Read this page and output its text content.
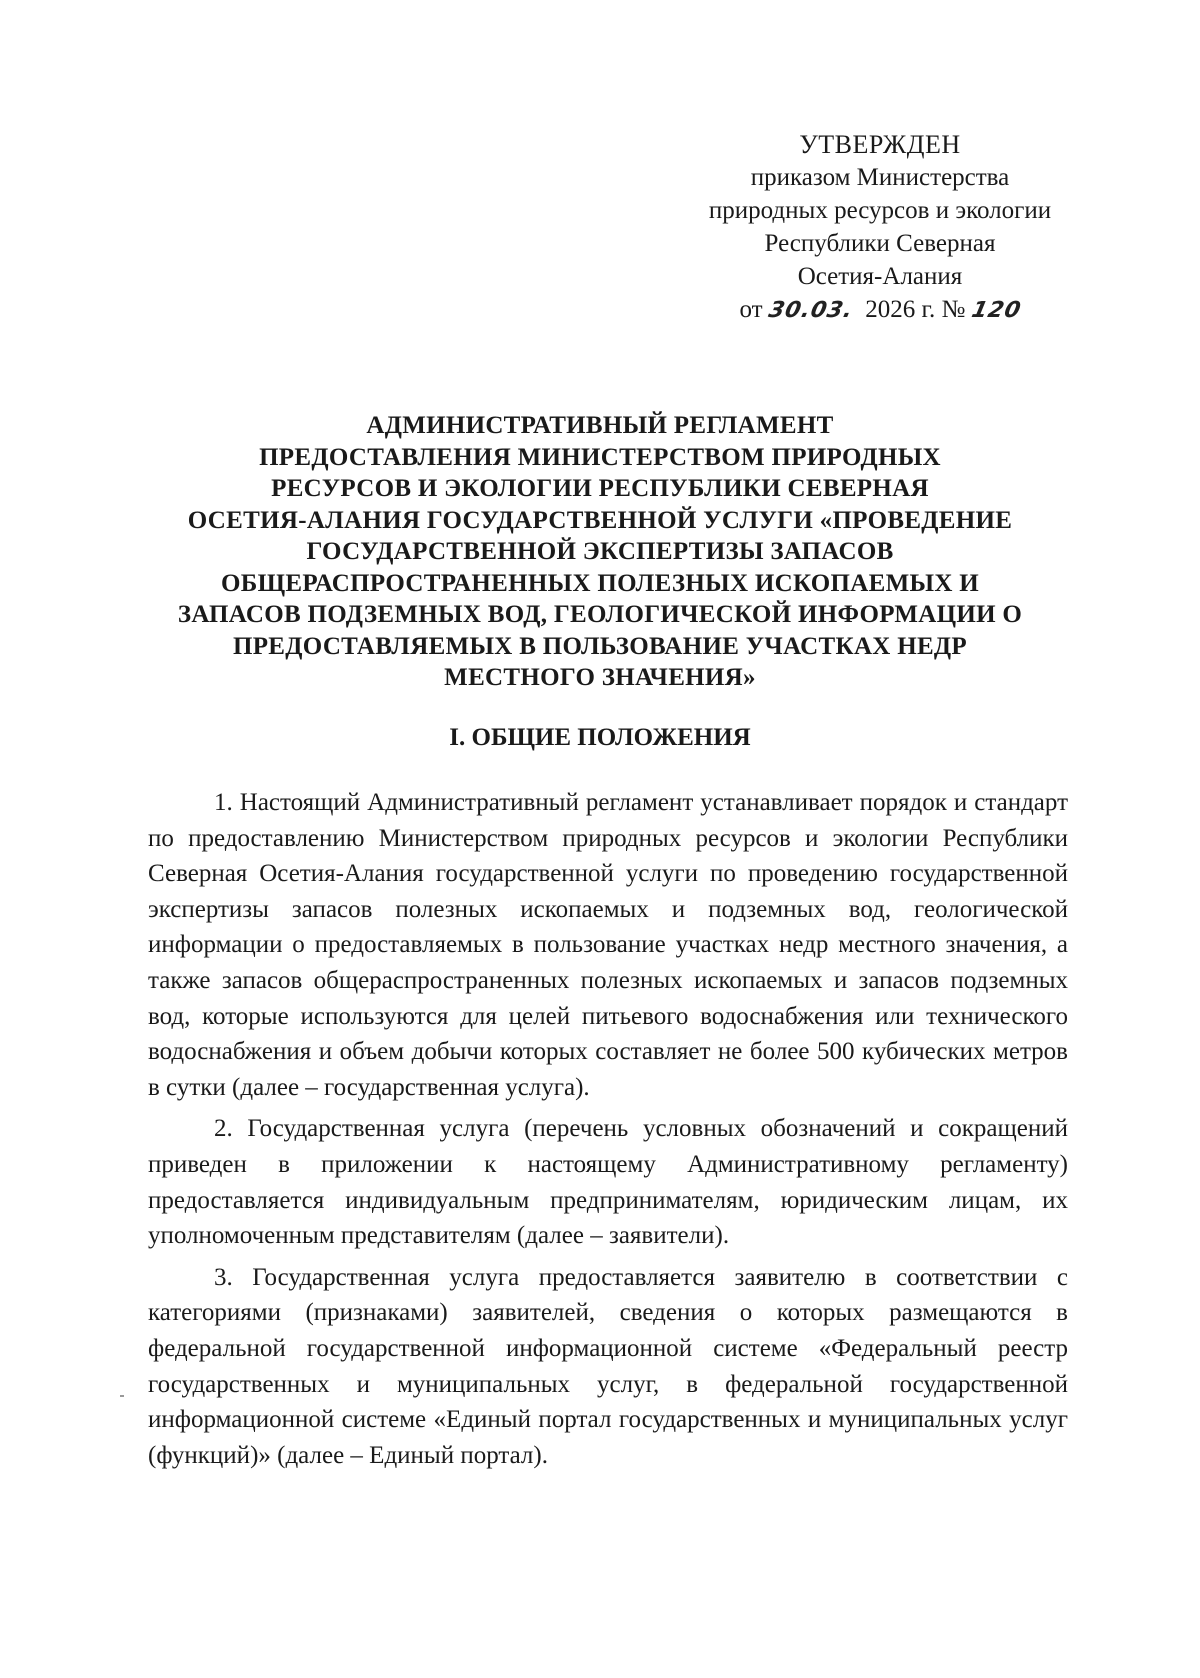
УТВЕРЖДЕН
приказом Министерства
природных ресурсов и экологии
Республики Северная
Осетия-Алания
от 30.03. 2026 г. № 120
АДМИНИСТРАТИВНЫЙ РЕГЛАМЕНТ
ПРЕДОСТАВЛЕНИЯ МИНИСТЕРСТВОМ ПРИРОДНЫХ
РЕСУРСОВ И ЭКОЛОГИИ РЕСПУБЛИКИ СЕВЕРНАЯ
ОСЕТИЯ-АЛАНИЯ ГОСУДАРСТВЕННОЙ УСЛУГИ «ПРОВЕДЕНИЕ
ГОСУДАРСТВЕННОЙ ЭКСПЕРТИЗЫ ЗАПАСОВ
ОБЩЕРАСПРОСТРАНЕННЫХ ПОЛЕЗНЫХ ИСКОПАЕМЫХ И
ЗАПАСОВ ПОДЗЕМНЫХ ВОД, ГЕОЛОГИЧЕСКОЙ ИНФОРМАЦИИ О
ПРЕДОСТАВЛЯЕМЫХ В ПОЛЬЗОВАНИЕ УЧАСТКАХ НЕДР
МЕСТНОГО ЗНАЧЕНИЯ»
I. ОБЩИЕ ПОЛОЖЕНИЯ

1. Настоящий Административный регламент устанавливает порядок и стандарт по предоставлению Министерством природных ресурсов и экологии Республики Северная Осетия-Алания государственной услуги по проведению государственной экспертизы запасов полезных ископаемых и подземных вод, геологической информации о предоставляемых в пользование участках недр местного значения, а также запасов общераспространенных полезных ископаемых и запасов подземных вод, которые используются для целей питьевого водоснабжения или технического водоснабжения и объем добычи которых составляет не более 500 кубических метров в сутки (далее – государственная услуга).

2. Государственная услуга (перечень условных обозначений и сокращений приведен в приложении к настоящему Административному регламенту) предоставляется индивидуальным предпринимателям, юридическим лицам, их уполномоченным представителям (далее – заявители).

3. Государственная услуга предоставляется заявителю в соответствии с категориями (признаками) заявителей, сведения о которых размещаются в федеральной государственной информационной системе «Федеральный реестр государственных и муниципальных услуг, в федеральной государственной информационной системе «Единый портал государственных и муниципальных услуг (функций)» (далее – Единый портал).
